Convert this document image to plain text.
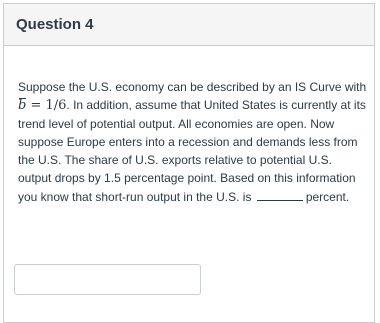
Question 4
Suppose the U.S. economy can be described by an IS Curve with b = 1/6. In addition, assume that United States is currently at its trend level of potential output. All economies are open. Now suppose Europe enters into a recession and demands less from the U.S. The share of U.S. exports relative to potential U.S. output drops by 1.5 percentage point. Based on this information you know that short-run output in the U.S. is	percent.
